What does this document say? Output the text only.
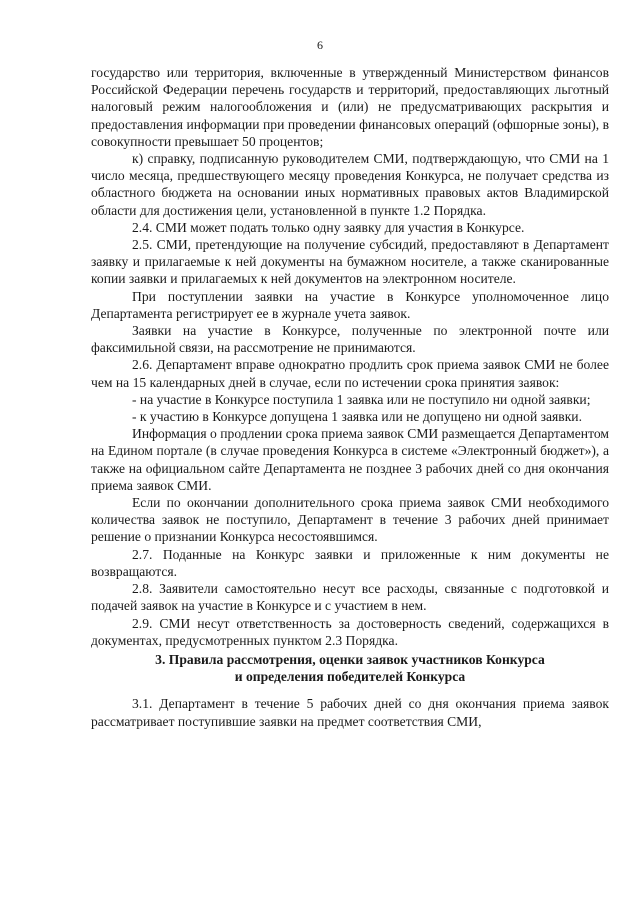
6

государство или территория, включенные в утвержденный Министерством финансов Российской Федерации перечень государств и территорий, предоставляющих льготный налоговый режим налогообложения и (или) не предусматривающих раскрытия и предоставления информации при проведении финансовых операций (офшорные зоны), в совокупности превышает 50 процентов;

к) справку, подписанную руководителем СМИ, подтверждающую, что СМИ на 1 число месяца, предшествующего месяцу проведения Конкурса, не получает средства из областного бюджета на основании иных нормативных правовых актов Владимирской области для достижения цели, установленной в пункте 1.2 Порядка.

2.4. СМИ может подать только одну заявку для участия в Конкурсе.

2.5. СМИ, претендующие на получение субсидий, предоставляют в Департамент заявку и прилагаемые к ней документы на бумажном носителе, а также сканированные копии заявки и прилагаемых к ней документов на электронном носителе.

При поступлении заявки на участие в Конкурсе уполномоченное лицо Департамента регистрирует ее в журнале учета заявок.

Заявки на участие в Конкурсе, полученные по электронной почте или факсимильной связи, на рассмотрение не принимаются.

2.6. Департамент вправе однократно продлить срок приема заявок СМИ не более чем на 15 календарных дней в случае, если по истечении срока принятия заявок:

- на участие в Конкурсе поступила 1 заявка или не поступило ни одной заявки;

- к участию в Конкурсе допущена 1 заявка или не допущено ни одной заявки.

Информация о продлении срока приема заявок СМИ размещается Департаментом на Едином портале (в случае проведения Конкурса в системе «Электронный бюджет»), а также на официальном сайте Департамента не позднее 3 рабочих дней со дня окончания приема заявок СМИ.

Если по окончании дополнительного срока приема заявок СМИ необходимого количества заявок не поступило, Департамент в течение 3 рабочих дней принимает решение о признании Конкурса несостоявшимся.

2.7. Поданные на Конкурс заявки и приложенные к ним документы не возвращаются.

2.8. Заявители самостоятельно несут все расходы, связанные с подготовкой и подачей заявок на участие в Конкурсе и с участием в нем.

2.9. СМИ несут ответственность за достоверность сведений, содержащихся в документах, предусмотренных пунктом 2.3 Порядка.

3. Правила рассмотрения, оценки заявок участников Конкурса

и определения победителей Конкурса

3.1. Департамент в течение 5 рабочих дней со дня окончания приема заявок рассматривает поступившие заявки на предмет соответствия СМИ,
